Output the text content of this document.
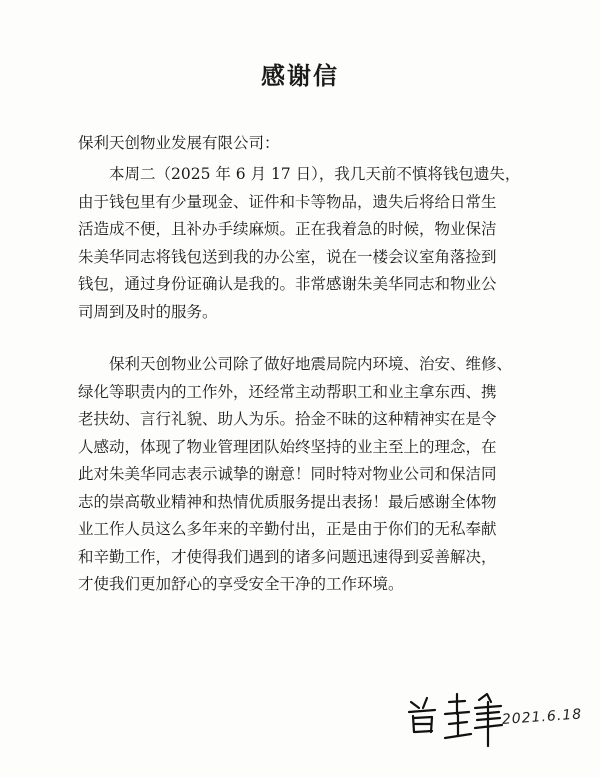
感谢信
保利天创物业发展有限公司：
本周二（2025 年 6 月 17 日），我几天前不慎将钱包遗失，
由于钱包里有少量现金、证件和卡等物品，遗失后将给日常生
活造成不便，且补办手续麻烦。正在我着急的时候，物业保洁
朱美华同志将钱包送到我的办公室，说在一楼会议室角落捡到
钱包，通过身份证确认是我的。非常感谢朱美华同志和物业公
司周到及时的服务。
保利天创物业公司除了做好地震局院内环境、治安、维修、
绿化等职责内的工作外，还经常主动帮职工和业主拿东西、携
老扶幼、言行礼貌、助人为乐。拾金不昧的这种精神实在是令
人感动，体现了物业管理团队始终坚持的业主至上的理念，在
此对朱美华同志表示诚挚的谢意！同时特对物业公司和保洁同
志的崇高敬业精神和热情优质服务提出表扬！最后感谢全体物
业工作人员这么多年来的辛勤付出，正是由于你们的无私奉献
和辛勤工作，才使得我们遇到的诸多问题迅速得到妥善解决，
才使我们更加舒心的享受安全干净的工作环境。
2021.6.18
